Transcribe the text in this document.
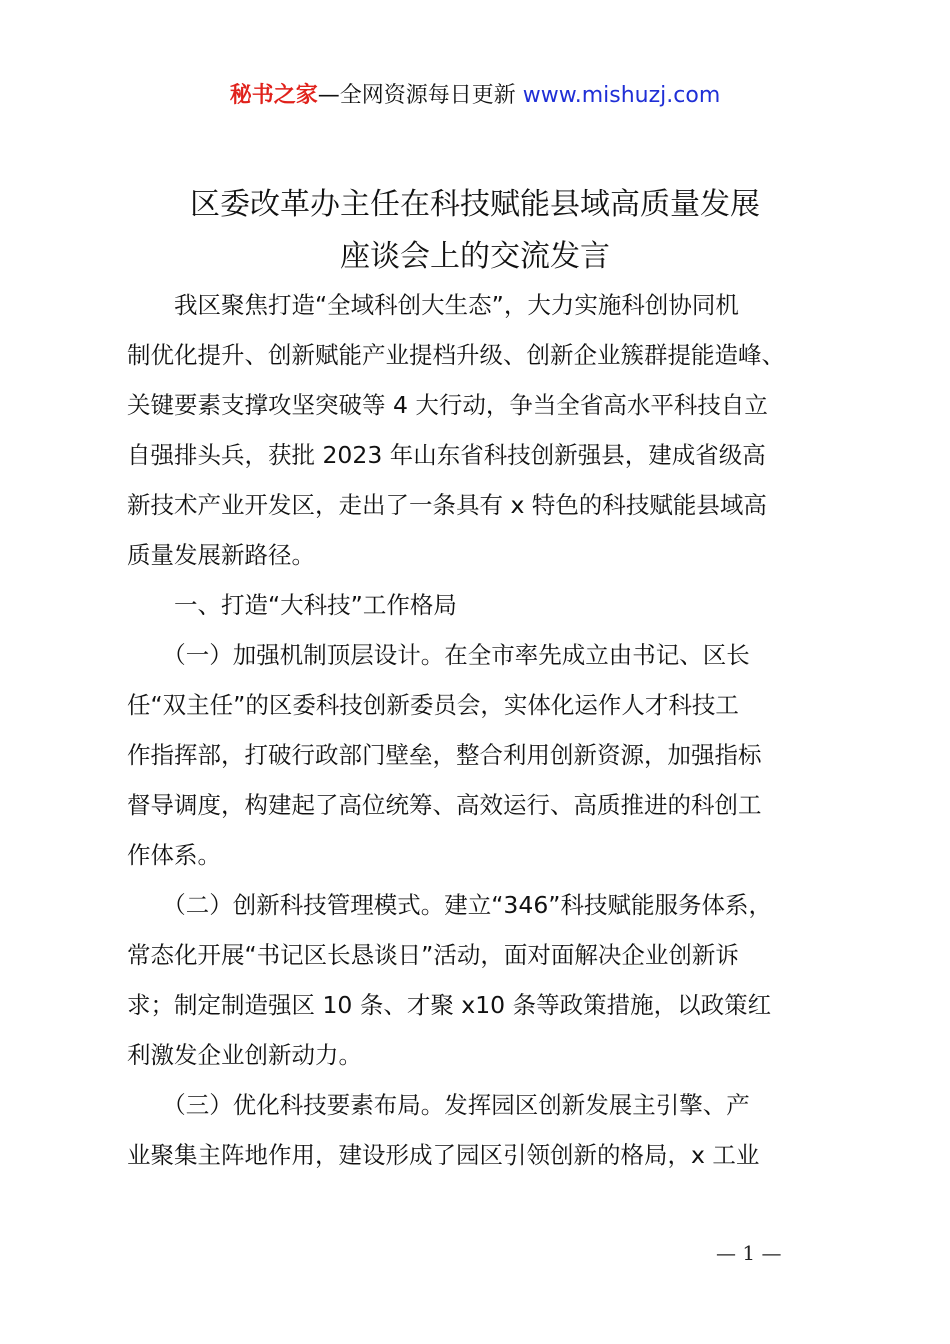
秘书之家—全网资源每日更新 www.mishuzj.com
区委改革办主任在科技赋能县域高质量发展
座谈会上的交流发言
　　我区聚焦打造“全域科创大生态”，大力实施科创协同机
制优化提升、创新赋能产业提档升级、创新企业簇群提能造峰、
关键要素支撑攻坚突破等 4 大行动，争当全省高水平科技自立
自强排头兵，获批 2023 年山东省科技创新强县，建成省级高
新技术产业开发区，走出了一条具有 x 特色的科技赋能县域高
质量发展新路径。
　　一、打造“大科技”工作格局
　　（一）加强机制顶层设计。在全市率先成立由书记、区长
任“双主任”的区委科技创新委员会，实体化运作人才科技工
作指挥部，打破行政部门壁垒，整合利用创新资源，加强指标
督导调度，构建起了高位统筹、高效运行、高质推进的科创工
作体系。
　　（二）创新科技管理模式。建立“346”科技赋能服务体系，
常态化开展“书记区长恳谈日”活动，面对面解决企业创新诉
求；制定制造强区 10 条、才聚 x10 条等政策措施，以政策红
利激发企业创新动力。
　　（三）优化科技要素布局。发挥园区创新发展主引擎、产
业聚集主阵地作用，建设形成了园区引领创新的格局，x 工业
— 1 —
